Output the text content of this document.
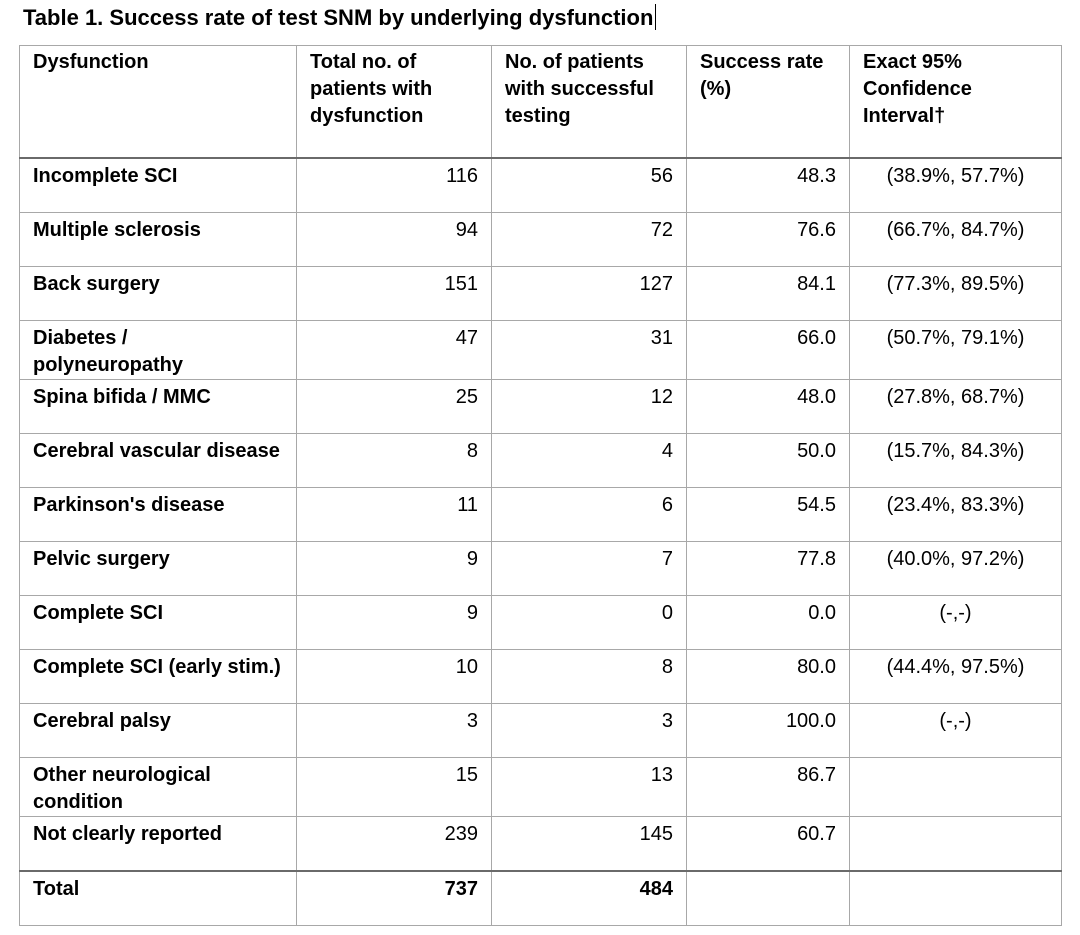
Table 1. Success rate of test SNM by underlying dysfunction
Dysfunction	Total no. of patients with dysfunction	No. of patients with successful testing	Success rate (%)	Exact 95% Confidence Interval†
Incomplete SCI	116	56	48.3	(38.9%, 57.7%)
Multiple sclerosis	94	72	76.6	(66.7%, 84.7%)
Back surgery	151	127	84.1	(77.3%, 89.5%)
Diabetes / polyneuropathy	47	31	66.0	(50.7%, 79.1%)
Spina bifida / MMC	25	12	48.0	(27.8%, 68.7%)
Cerebral vascular disease	8	4	50.0	(15.7%, 84.3%)
Parkinson's disease	11	6	54.5	(23.4%, 83.3%)
Pelvic surgery	9	7	77.8	(40.0%, 97.2%)
Complete SCI	9	0	0.0	(-,-)
Complete SCI (early stim.)	10	8	80.0	(44.4%, 97.5%)
Cerebral palsy	3	3	100.0	(-,-)
Other neurological condition	15	13	86.7	
Not clearly reported	239	145	60.7	
Total	737	484		
